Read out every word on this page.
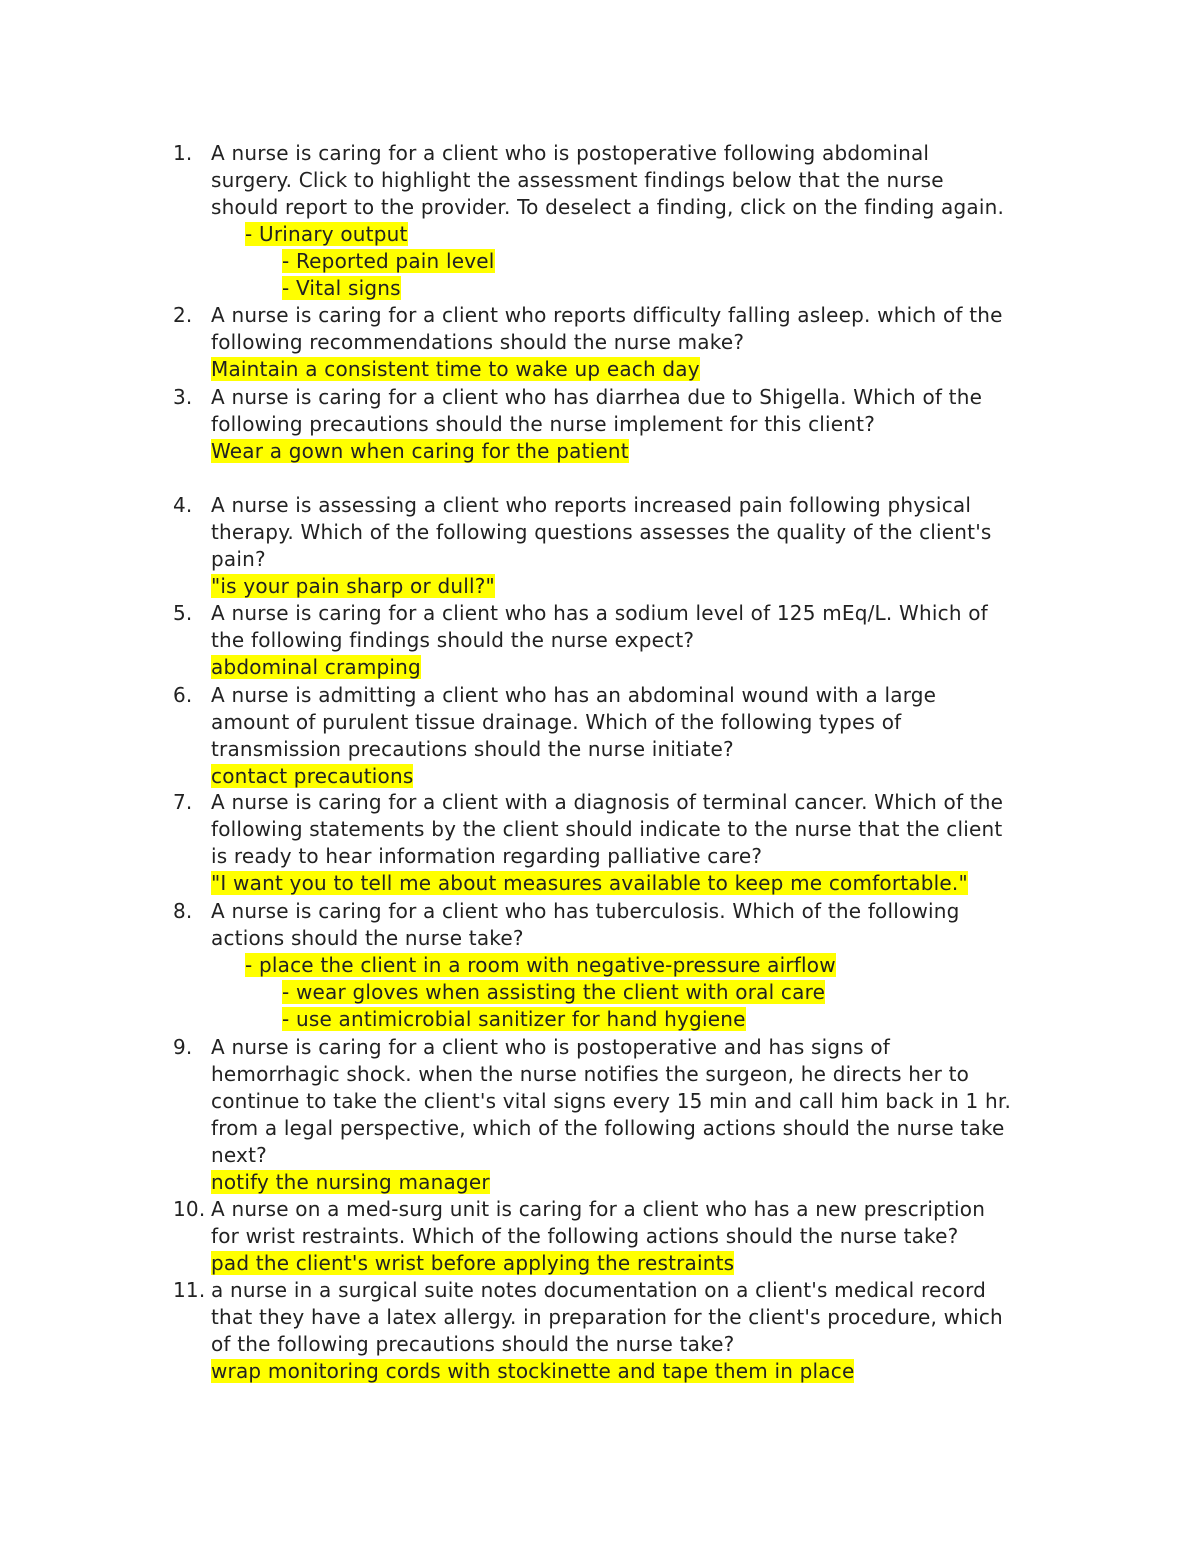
1. A nurse is caring for a client who is postoperative following abdominal
surgery. Click to highlight the assessment findings below that the nurse
should report to the provider. To deselect a finding, click on the finding again.
- Urinary output
- Reported pain level
- Vital signs
2. A nurse is caring for a client who reports difficulty falling asleep. which of the
following recommendations should the nurse make?
Maintain a consistent time to wake up each day
3. A nurse is caring for a client who has diarrhea due to Shigella. Which of the
following precautions should the nurse implement for this client?
Wear a gown when caring for the patient
4. A nurse is assessing a client who reports increased pain following physical
therapy. Which of the following questions assesses the quality of the client's
pain?
"is your pain sharp or dull?"
5. A nurse is caring for a client who has a sodium level of 125 mEq/L. Which of
the following findings should the nurse expect?
abdominal cramping
6. A nurse is admitting a client who has an abdominal wound with a large
amount of purulent tissue drainage. Which of the following types of
transmission precautions should the nurse initiate?
contact precautions
7. A nurse is caring for a client with a diagnosis of terminal cancer. Which of the
following statements by the client should indicate to the nurse that the client
is ready to hear information regarding palliative care?
"I want you to tell me about measures available to keep me comfortable."
8. A nurse is caring for a client who has tuberculosis. Which of the following
actions should the nurse take?
- place the client in a room with negative-pressure airflow
- wear gloves when assisting the client with oral care
- use antimicrobial sanitizer for hand hygiene
9. A nurse is caring for a client who is postoperative and has signs of
hemorrhagic shock. when the nurse notifies the surgeon, he directs her to
continue to take the client's vital signs every 15 min and call him back in 1 hr.
from a legal perspective, which of the following actions should the nurse take
next?
notify the nursing manager
10. A nurse on a med-surg unit is caring for a client who has a new prescription
for wrist restraints. Which of the following actions should the nurse take?
pad the client's wrist before applying the restraints
11. a nurse in a surgical suite notes documentation on a client's medical record
that they have a latex allergy. in preparation for the client's procedure, which
of the following precautions should the nurse take?
wrap monitoring cords with stockinette and tape them in place
